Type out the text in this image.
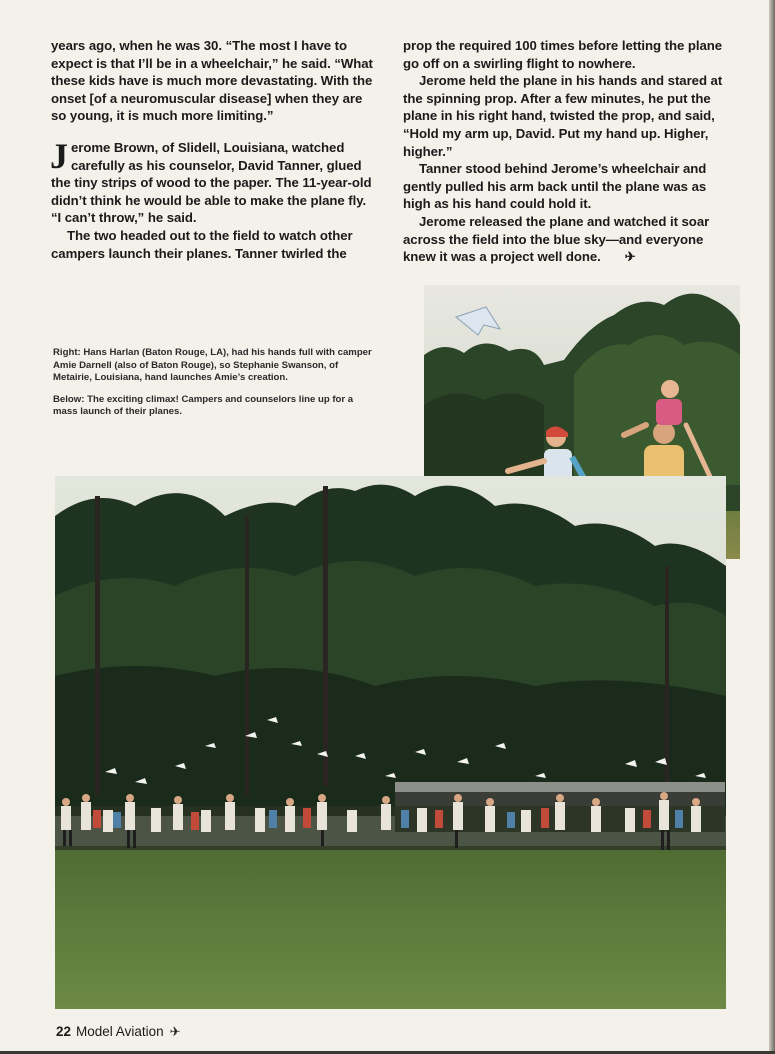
years ago, when he was 30. “The most I have to expect is that I’ll be in a wheelchair,” he said. “What these kids have is much more devastating. With the onset [of a neuromuscular disease] when they are so young, it is much more limiting.”

Jerome Brown, of Slidell, Louisiana, watched carefully as his counselor, David Tanner, glued the tiny strips of wood to the paper. The 11-year-old didn’t think he would be able to make the plane fly. “I can’t throw,” he said.

The two headed out to the field to watch other campers launch their planes. Tanner twirled the

prop the required 100 times before letting the plane go off on a swirling flight to nowhere.

Jerome held the plane in his hands and stared at the spinning prop. After a few minutes, he put the plane in his right hand, twisted the prop, and said, “Hold my arm up, David. Put my hand up. Higher, higher.”

Tanner stood behind Jerome’s wheelchair and gently pulled his arm back until the plane was as high as his hand could hold it.

Jerome released the plane and watched it soar across the field into the blue sky—and everyone knew it was a project well done. ✈

Right: Hans Harlan (Baton Rouge, LA), had his hands full with camper Amie Darnell (also of Baton Rouge), so Stephanie Swanson, of Metairie, Louisiana, hand launches Amie’s creation.

Below: The exciting climax! Campers and counselors line up for a mass launch of their planes.

22 Model Aviation ✈
